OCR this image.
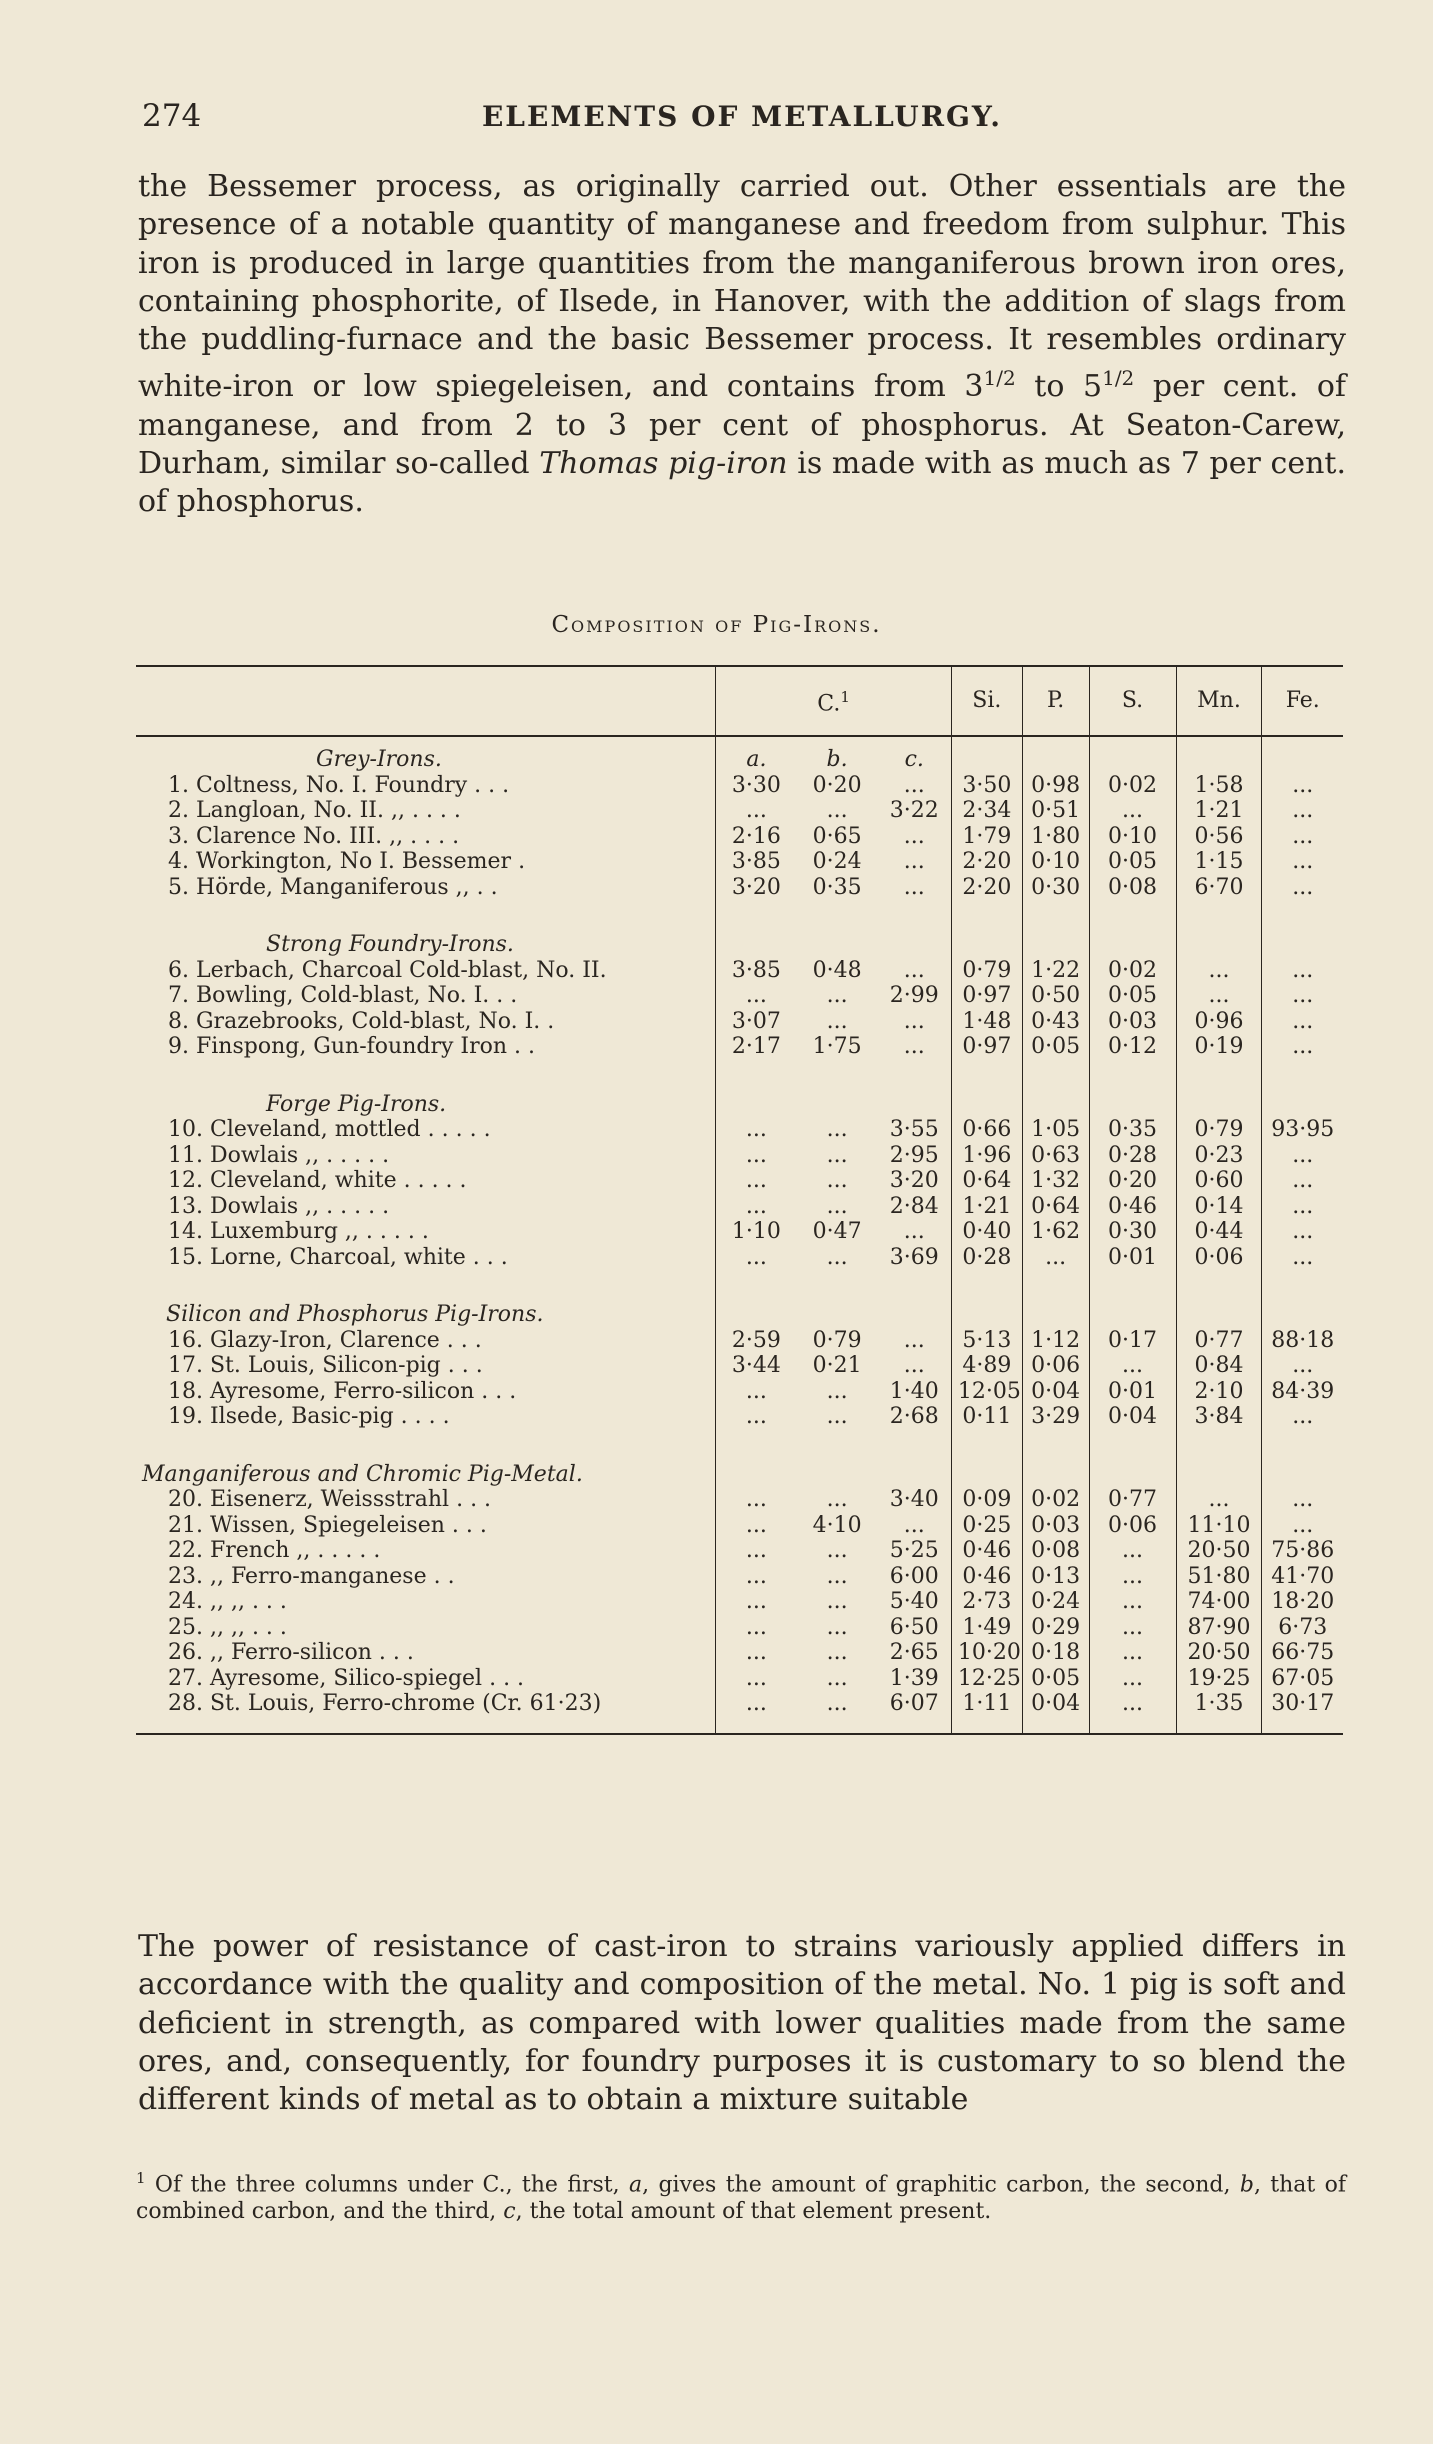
274	ELEMENTS OF METALLURGY.
the Bessemer process, as originally carried out. Other essentials are the presence of a notable quantity of manganese and freedom from sulphur. This iron is produced in large quantities from the manganiferous brown iron ores, containing phosphorite, of Ilsede, in Hanover, with the addition of slags from the puddling-furnace and the basic Bessemer process. It resembles ordinary white-iron or low spiegeleisen, and contains from $3^{1/2}$ to $5^{1/2}$ per cent. of manganese, and from 2 to 3 per cent of phosphorus. At Seaton-Carew, Durham, similar so-called Thomas pig-iron is made with as much as 7 per cent. of phosphorus.
Composition of Pig-Irons.
	C.$^1$			Si.	P.	S.	Mn.	Fe.
Grey-Irons.	a.	b.	c.					
1. Coltness, No. I. Foundry . . .	3·30	0·20	...	3·50	0·98	0·02	1·58	...
2. Langloan, No. II. ,, . . . .	...	...	3·22	2·34	0·51	...	1·21	...
3. Clarence No. III. ,, . . . .	2·16	0·65	...	1·79	1·80	0·10	0·56	...
4. Workington, No I. Bessemer .	3·85	0·24	...	2·20	0·10	0·05	1·15	...
5. Hörde, Manganiferous ,, . .	3·20	0·35	...	2·20	0·30	0·08	6·70	...

Strong Foundry-Irons.								
6. Lerbach, Charcoal Cold-blast, No. II.	3·85	0·48	...	0·79	1·22	0·02	...	...
7. Bowling, Cold-blast, No. I. . .	...	...	2·99	0·97	0·50	0·05	...	...
8. Grazebrooks, Cold-blast, No. I. .	3·07	...	...	1·48	0·43	0·03	0·96	...
9. Finspong, Gun-foundry Iron . .	2·17	1·75	...	0·97	0·05	0·12	0·19	...

Forge Pig-Irons.								
10. Cleveland, mottled . . . . .	...	...	3·55	0·66	1·05	0·35	0·79	93·95
11. Dowlais ,, . . . . .	...	...	2·95	1·96	0·63	0·28	0·23	...
12. Cleveland, white . . . . .	...	...	3·20	0·64	1·32	0·20	0·60	...
13. Dowlais ,, . . . . .	...	...	2·84	1·21	0·64	0·46	0·14	...
14. Luxemburg ,, . . . . .	1·10	0·47	...	0·40	1·62	0·30	0·44	...
15. Lorne, Charcoal, white . . .	...	...	3·69	0·28	...	0·01	0·06	...

Silicon and Phosphorus Pig-Irons.								
16. Glazy-Iron, Clarence . . .	2·59	0·79	...	5·13	1·12	0·17	0·77	88·18
17. St. Louis, Silicon-pig . . .	3·44	0·21	...	4·89	0·06	...	0·84	...
18. Ayresome, Ferro-silicon . . .	...	...	1·40	12·05	0·04	0·01	2·10	84·39
19. Ilsede, Basic-pig . . . .	...	...	2·68	0·11	3·29	0·04	3·84	...

Manganiferous and Chromic Pig-Metal.								
20. Eisenerz, Weissstrahl . . .	...	...	3·40	0·09	0·02	0·77	...	...
21. Wissen, Spiegeleisen . . .	...	4·10	...	0·25	0·03	0·06	11·10	...
22. French ,, . . . . .	...	...	5·25	0·46	0·08	...	20·50	75·86
23. ,, Ferro-manganese . .	...	...	6·00	0·46	0·13	...	51·80	41·70
24. ,, ,, . . .	...	...	5·40	2·73	0·24	...	74·00	18·20
25. ,, ,, . . .	...	...	6·50	1·49	0·29	...	87·90	6·73
26. ,, Ferro-silicon . . .	...	...	2·65	10·20	0·18	...	20·50	66·75
27. Ayresome, Silico-spiegel . . .	...	...	1·39	12·25	0·05	...	19·25	67·05
28. St. Louis, Ferro-chrome (Cr. 61·23)	...	...	6·07	1·11	0·04	...	1·35	30·17
The power of resistance of cast-iron to strains variously applied differs in accordance with the quality and composition of the metal. No. 1 pig is soft and deficient in strength, as compared with lower qualities made from the same ores, and, consequently, for foundry purposes it is customary to so blend the different kinds of metal as to obtain a mixture suitable
$^1$ Of the three columns under C., the first, a, gives the amount of graphitic carbon, the second, b, that of combined carbon, and the third, c, the total amount of that element present.
